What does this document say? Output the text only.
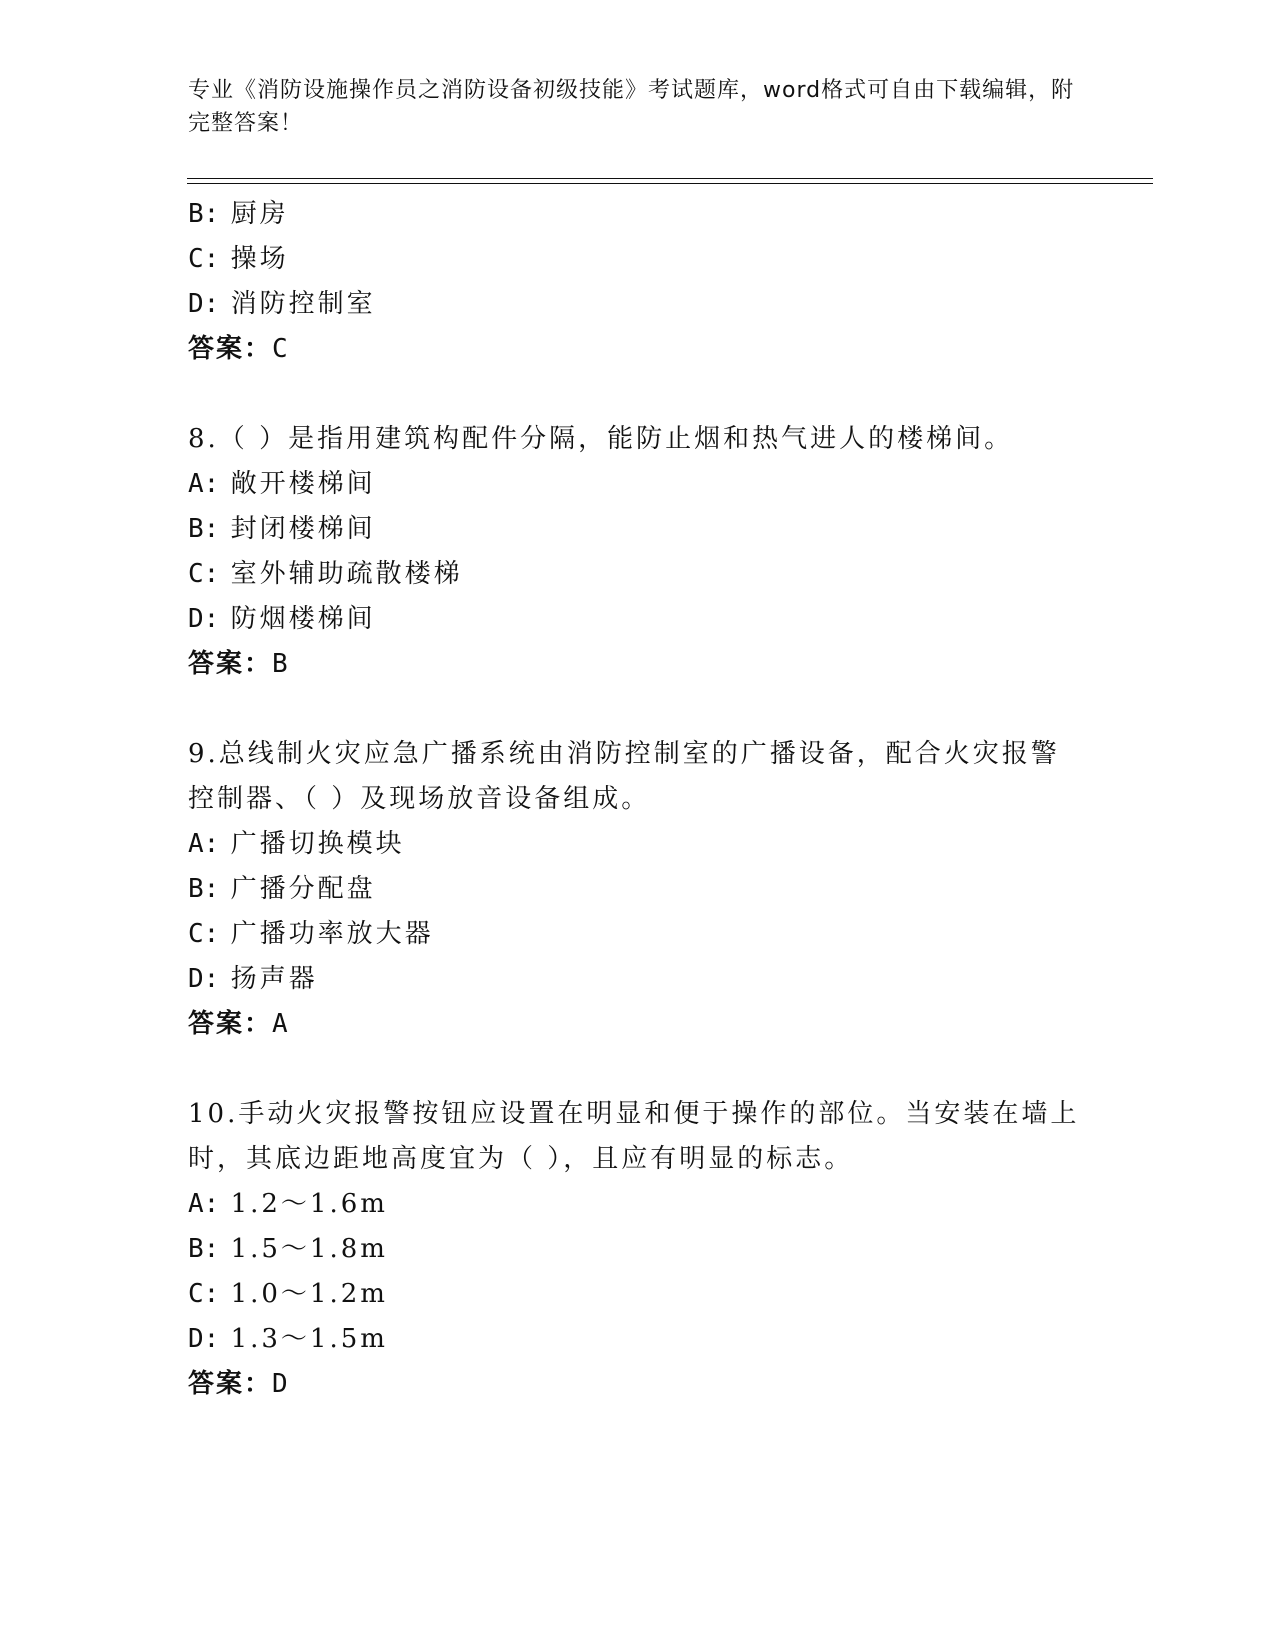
专业《消防设施操作员之消防设备初级技能》考试题库，word格式可自由下载编辑，附完整答案！
B: 厨房
C: 操场
D: 消防控制室
答案：C
8.（ ）是指用建筑构配件分隔，能防止烟和热气进人的楼梯间。
A: 敞开楼梯间
B: 封闭楼梯间
C: 室外辅助疏散楼梯
D: 防烟楼梯间
答案：B
9.总线制火灾应急广播系统由消防控制室的广播设备，配合火灾报警
控制器、（ ）及现场放音设备组成。
A: 广播切换模块
B: 广播分配盘
C: 广播功率放大器
D: 扬声器
答案：A
10.手动火灾报警按钮应设置在明显和便于操作的部位。当安装在墙上
时，其底边距地高度宜为（ ），且应有明显的标志。
A: 1.2～1.6m
B: 1.5～1.8m
C: 1.0～1.2m
D: 1.3～1.5m
答案：D
